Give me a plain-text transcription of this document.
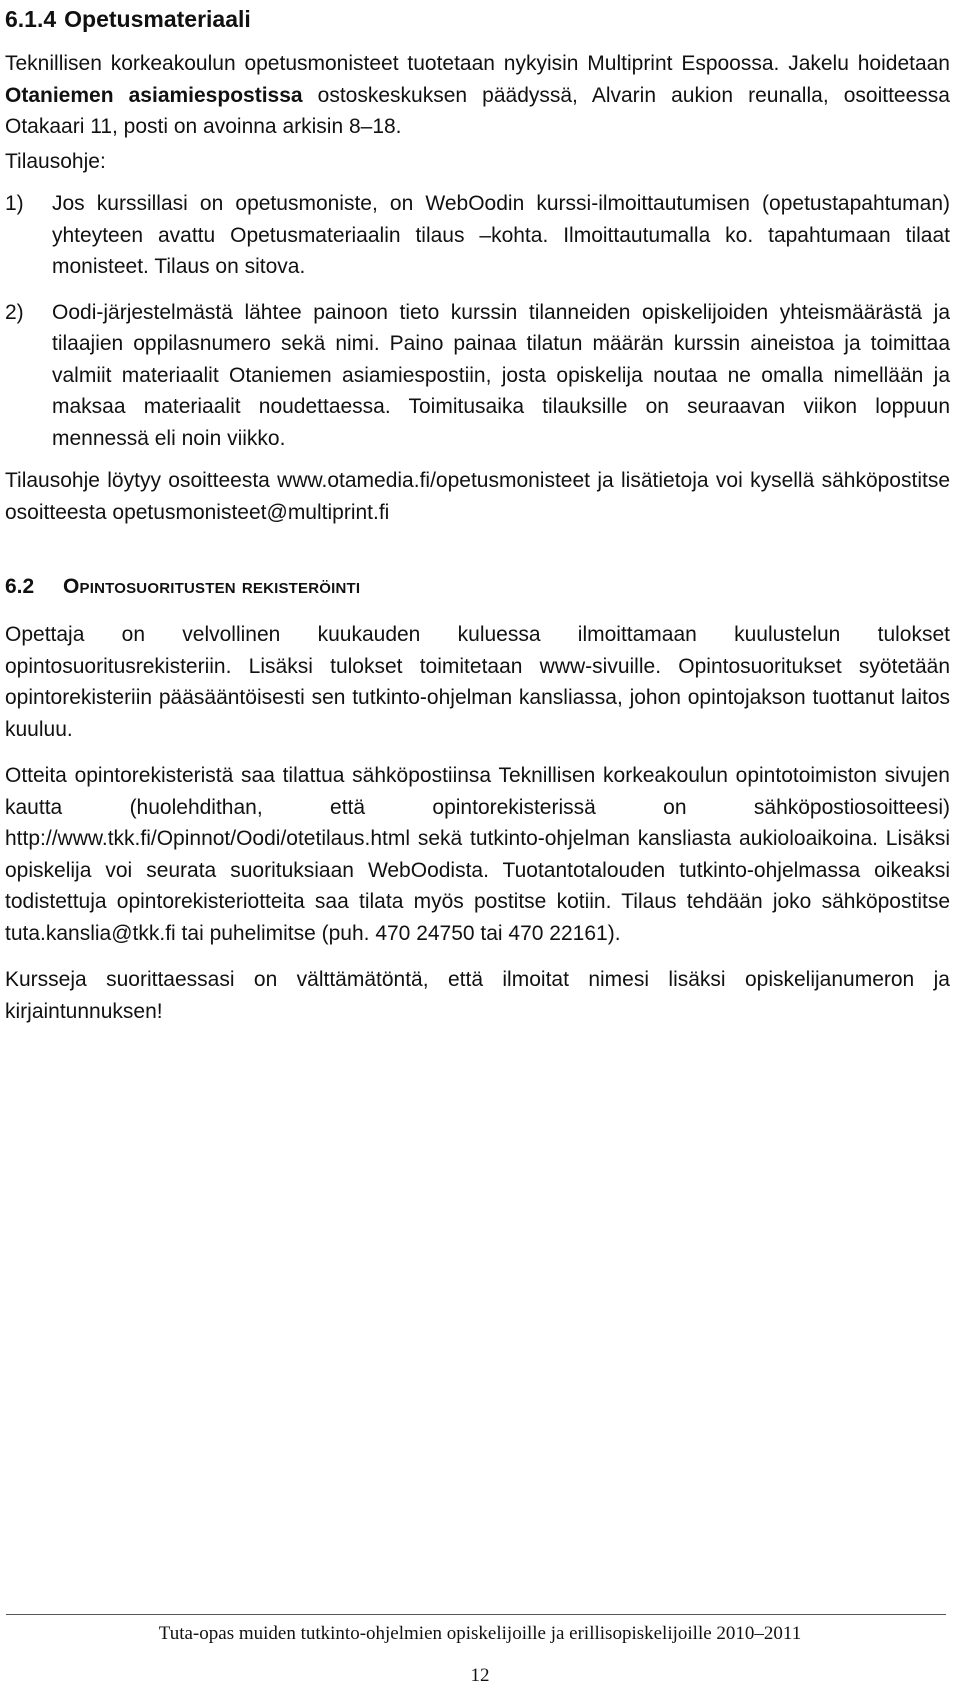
6.1.4 Opetusmateriaali

Teknillisen korkeakoulun opetusmonisteet tuotetaan nykyisin Multiprint Espoossa. Jakelu hoidetaan Otaniemen asiamiespostissa ostoskeskuksen päädyssä, Alvarin aukion reunalla, osoitteessa Otakaari 11, posti on avoinna arkisin 8–18.

Tilausohje:

1) Jos kurssillasi on opetusmoniste, on WebOodin kurssi-ilmoittautumisen (opetustapahtuman) yhteyteen avattu Opetusmateriaalin tilaus –kohta. Ilmoittautumalla ko. tapahtumaan tilaat monisteet. Tilaus on sitova.
2) Oodi-järjestelmästä lähtee painoon tieto kurssin tilanneiden opiskelijoiden yhteismäärästä ja tilaajien oppilasnumero sekä nimi. Paino painaa tilatun määrän kurssin aineistoa ja toimittaa valmiit materiaalit Otaniemen asiamiespostiin, josta opiskelija noutaa ne omalla nimellään ja maksaa materiaalit noudettaessa. Toimitusaika tilauksille on seuraavan viikon loppuun mennessä eli noin viikko.

Tilausohje löytyy osoitteesta www.otamedia.fi/opetusmonisteet ja lisätietoja voi kysellä sähköpostitse osoitteesta opetusmonisteet@multiprint.fi

6.2 Opintosuoritusten rekisteröinti

Opettaja on velvollinen kuukauden kuluessa ilmoittamaan kuulustelun tulokset opintosuoritusrekisteriin. Lisäksi tulokset toimitetaan www-sivuille. Opintosuoritukset syötetään opintorekisteriin pääsääntöisesti sen tutkinto-ohjelman kansliassa, johon opintojakson tuottanut laitos kuuluu.

Otteita opintorekisteristä saa tilattua sähköpostiinsa Teknillisen korkeakoulun opintotoimiston sivujen kautta (huolehdithan, että opintorekisterissä on sähköpostiosoitteesi) http://www.tkk.fi/Opinnot/Oodi/otetilaus.html sekä tutkinto-ohjelman kansliasta aukioloaikoina. Lisäksi opiskelija voi seurata suorituksiaan WebOodista. Tuotantotalouden tutkinto-ohjelmassa oikeaksi todistettuja opintorekisteriotteita saa tilata myös postitse kotiin. Tilaus tehdään joko sähköpostitse tuta.kanslia@tkk.fi tai puhelimitse (puh. 470 24750 tai 470 22161).

Kursseja suorittaessasi on välttämätöntä, että ilmoitat nimesi lisäksi opiskelijanumeron ja kirjaintunnuksen!

Tuta-opas muiden tutkinto-ohjelmien opiskelijoille ja erillisopiskelijoille 2010–2011
12
